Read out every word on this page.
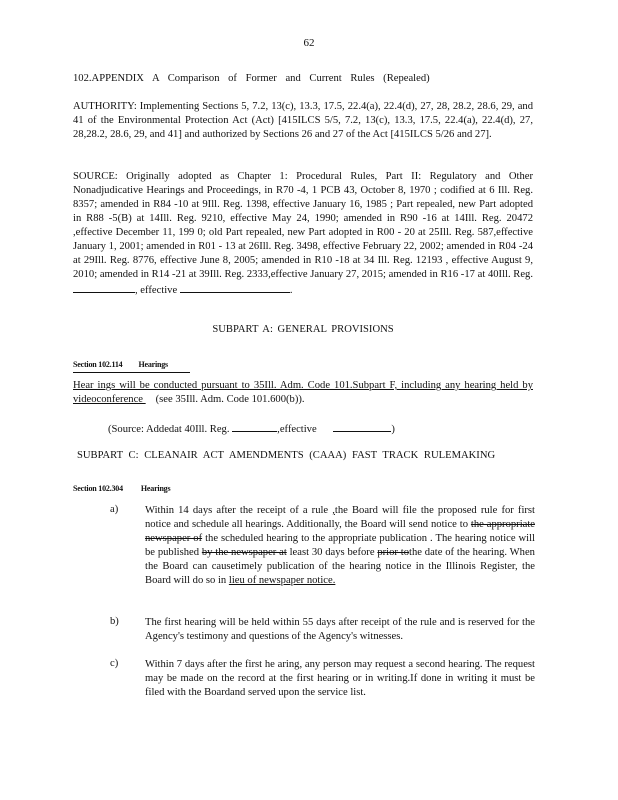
62
102.APPENDIX A Comparison of Former and Current Rules (Repealed)
AUTHORITY: Implementing Sections 5, 7.2, 13(c), 13.3, 17.5, 22.4(a), 22.4(d), 27, 28, 28.2, 28.6, 29, and 41 of the Environmental Protection Act (Act) [415ILCS 5/5, 7.2, 13(c), 13.3, 17.5, 22.4(a), 22.4(d), 27, 28,28.2, 28.6, 29, and 41] and authorized by Sections 26 and 27 of the Act [415ILCS 5/26 and 27].
SOURCE: Originally adopted as Chapter 1: Procedural Rules, Part II: Regulatory and Other Nonadjudicative Hearings and Proceedings, in R70 -4, 1 PCB 43, October 8, 1970 ; codified at 6 Ill. Reg. 8357; amended in R84 -10 at 9Ill. Reg. 1398, effective January 16, 1985 ; Part repealed, new Part adopted in R88 -5(B) at 14Ill. Reg. 9210, effective May 24, 1990; amended in R90 -16 at 14Ill. Reg. 20472 ,effective December 11, 199 0; old Part repealed, new Part adopted in R00 - 20 at 25Ill. Reg. 587,effective January 1, 2001; amended in R01 - 13 at 26Ill. Reg. 3498, effective February 22, 2002; amended in R04 -24 at 29Ill. Reg. 8776, effective June 8, 2005; amended in R10 -18 at 34 Ill. Reg. 12193 , effective August 9, 2010; amended in R14 -21 at 39Ill. Reg. 2333,effective January 27, 2015; amended in R16 -17 at 40Ill. Reg. , effective	.
SUBPART A: GENERAL PROVISIONS
Section 102.114 Hearings
Hear ings will be conducted pursuant to 35Ill. Adm. Code 101.Subpart F, including any hearing held by videoconference (see 35Ill. Adm. Code 101.600(b)).
(Source: Addedat 40Ill. Reg.	,effective	)
SUBPART C: CLEANAIR ACT AMENDMENTS (CAAA) FAST TRACK RULEMAKING
Section 102.304 Hearings
a)	Within 14 days after the receipt of a rule ,the Board will file the proposed rule for first notice and schedule all hearings. Additionally, the Board will send notice to the appropriate newspaper of the scheduled hearing to the appropriate publication . The hearing notice will be published by the newspaper at least 30 days before prior tothe date of the hearing. When the Board can causetimely publication of the hearing notice in the Illinois Register, the Board will do so in lieu of newspaper notice.
b) The first hearing will be held within 55 days after receipt of the rule and is reserved for the Agency's testimony and questions of the Agency's witnesses.
c)	Within 7 days after the first he aring, any person may request a second hearing. The request may be made on the record at the first hearing or in writing.If done in writing it must be filed with the Boardand served upon the service list.
